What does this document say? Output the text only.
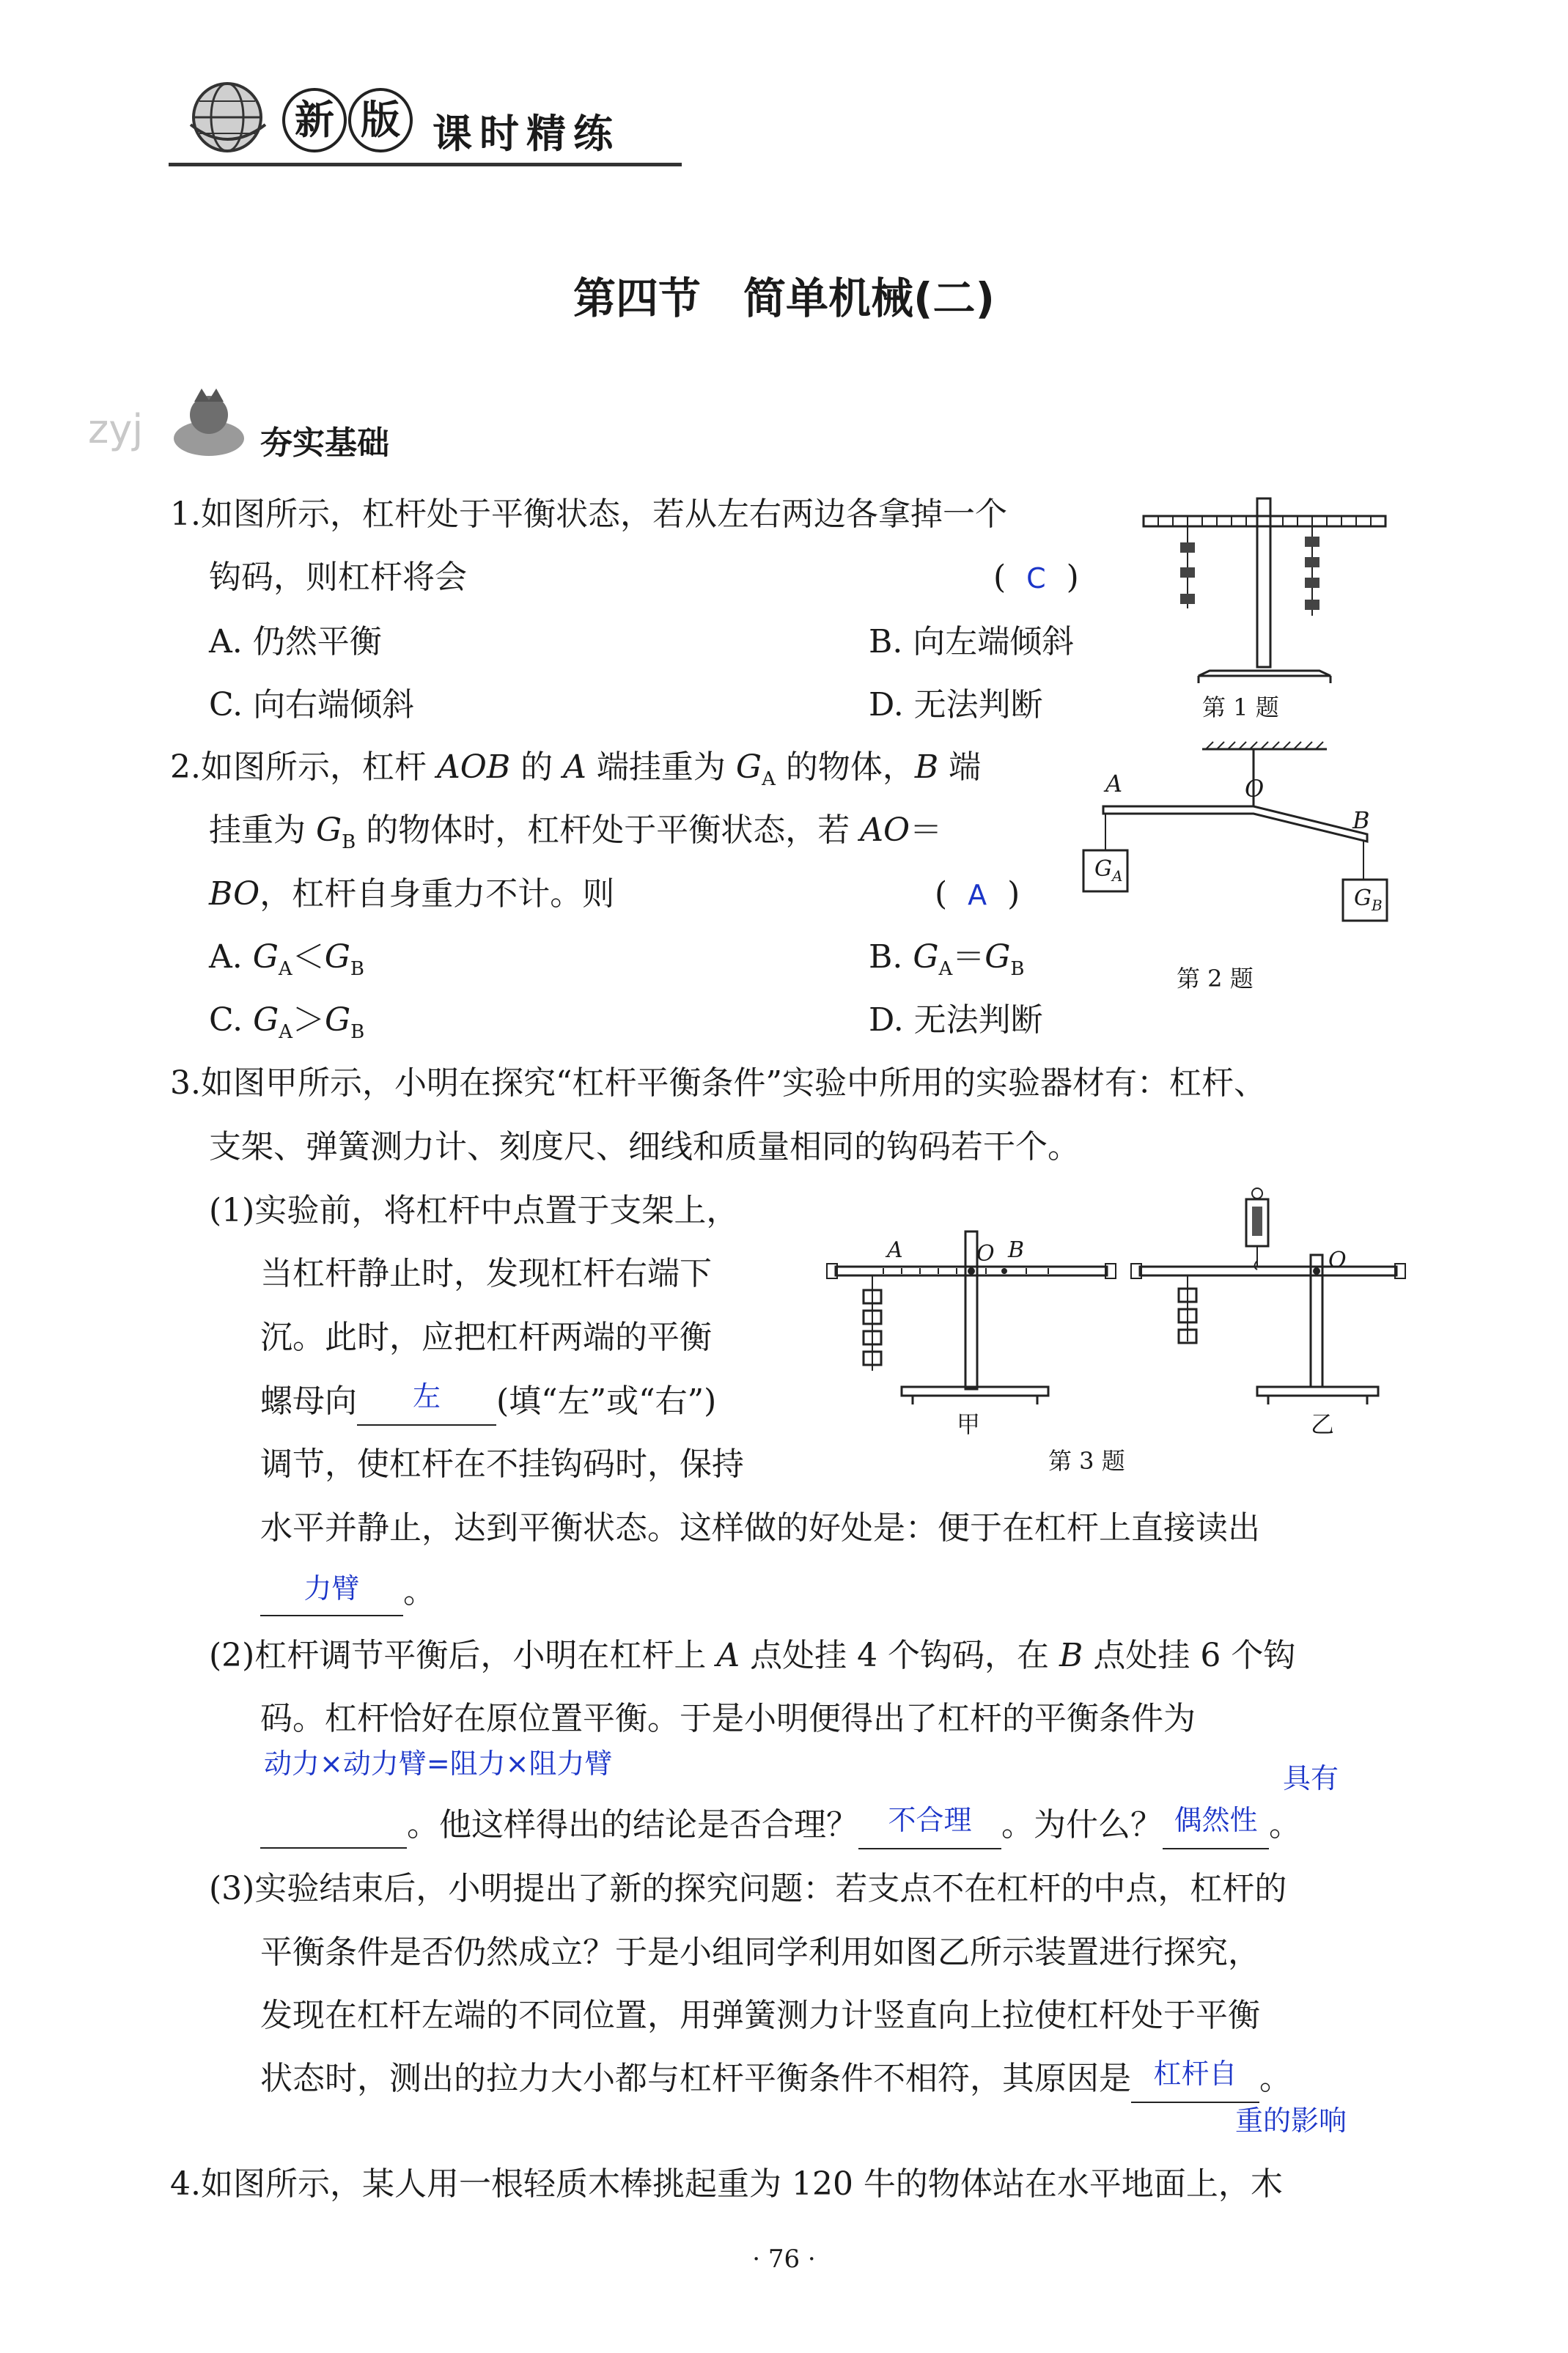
新 版 课时精练
第四节　简单机械(二)
zyj	夯实基础
1.如图所示，杠杆处于平衡状态，若从左右两边各拿掉一个
钩码，则杠杆将会	(  C  )
A. 仍然平衡	B. 向左端倾斜
C. 向右端倾斜	D. 无法判断	第 1 题
2.如图所示，杠杆 AOB 的 A 端挂重为 $G_A$ 的物体，B 端
挂重为 $G_B$ 的物体时，杠杆处于平衡状态，若 AO＝
BO，杠杆自身重力不计。则	(  A  )
A. $G_A<G_B$	B. $G_A=G_B$
C. $G_A>G_B$	D. 无法判断
A	O
B
$G_A$
$G_B$
第 2 题
3.如图甲所示，小明在探究“杠杆平衡条件”实验中所用的实验器材有：杠杆、
支架、弹簧测力计、刻度尺、细线和质量相同的钩码若干个。
(1)实验前，将杠杆中点置于支架上，
当杠杆静止时，发现杠杆右端下
沉。此时，应把杠杆两端的平衡
螺母向 左 (填“左”或“右”)
调节，使杠杆在不挂钩码时，保持
水平并静止，达到平衡状态。这样做的好处是：便于在杠杆上直接读出
力臂 。
A	O B	O
甲	乙
第 3 题
(2)杠杆调节平衡后，小明在杠杆上 A 点处挂 4 个钩码，在 B 点处挂 6 个钩
码。杠杆恰好在原位置平衡。于是小明便得出了杠杆的平衡条件为
动力×动力臂=阻力×阻力臂	具有
。他这样得出的结论是否合理？ 不合理 。为什么？ 偶然性 。
(3)实验结束后，小明提出了新的探究问题：若支点不在杠杆的中点，杠杆的
平衡条件是否仍然成立？于是小组同学利用如图乙所示装置进行探究，
发现在杠杆左端的不同位置，用弹簧测力计竖直向上拉使杠杆处于平衡
状态时，测出的拉力大小都与杠杆平衡条件不相符，其原因是 杠杆自 。
重的影响
4.如图所示，某人用一根轻质木棒挑起重为 120 牛的物体站在水平地面上，木
· 76 ·
